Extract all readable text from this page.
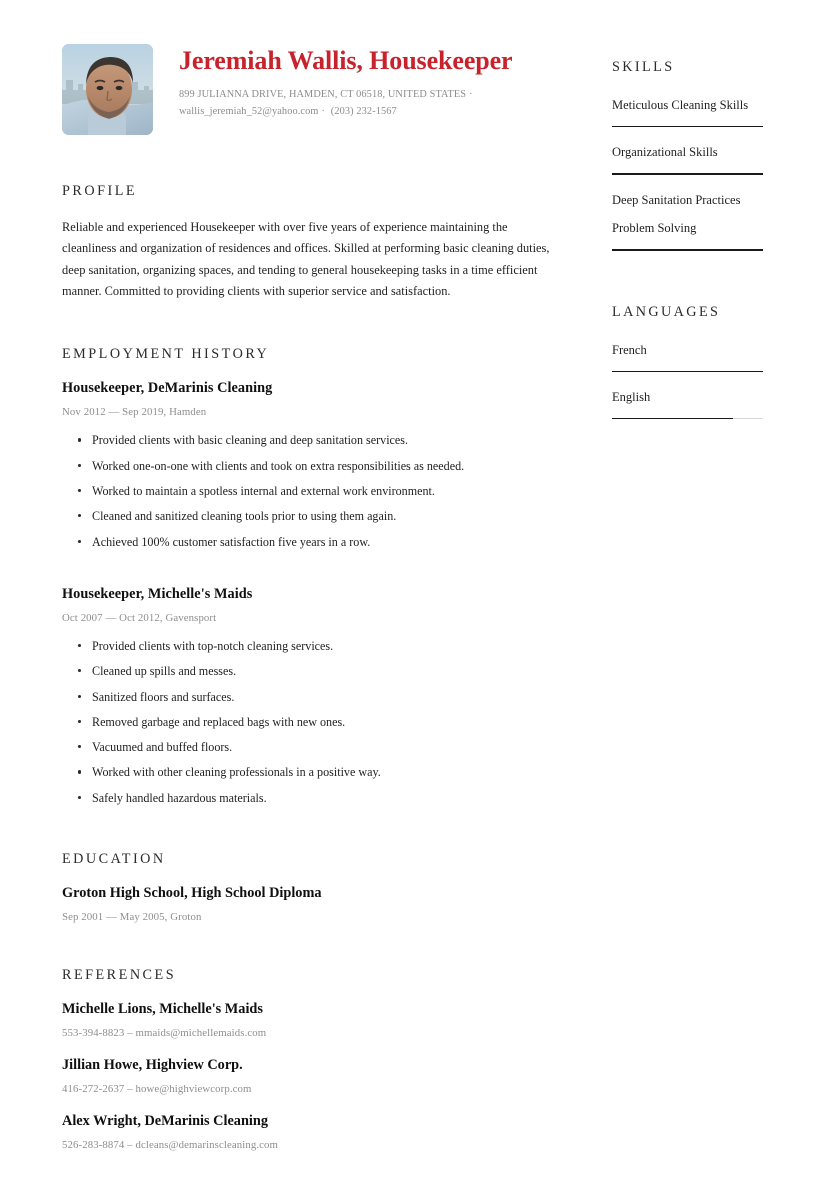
Jeremiah Wallis, Housekeeper
899 JULIANNA DRIVE, HAMDEN, CT 06518, UNITED STATES ·
wallis_jeremiah_52@yahoo.com · (203) 232-1567
PROFILE
Reliable and experienced Housekeeper with over five years of experience maintaining the cleanliness and organization of residences and offices. Skilled at performing basic cleaning duties, deep sanitation, organizing spaces, and tending to general housekeeping tasks in a time efficient manner. Committed to providing clients with superior service and satisfaction.
EMPLOYMENT HISTORY
Housekeeper, DeMarinis Cleaning
Nov 2012 — Sep 2019, Hamden
Provided clients with basic cleaning and deep sanitation services.
Worked one-on-one with clients and took on extra responsibilities as needed.
Worked to maintain a spotless internal and external work environment.
Cleaned and sanitized cleaning tools prior to using them again.
Achieved 100% customer satisfaction five years in a row.
Housekeeper, Michelle's Maids
Oct 2007 — Oct 2012, Gavensport
Provided clients with top-notch cleaning services.
Cleaned up spills and messes.
Sanitized floors and surfaces.
Removed garbage and replaced bags with new ones.
Vacuumed and buffed floors.
Worked with other cleaning professionals in a positive way.
Safely handled hazardous materials.
EDUCATION
Groton High School, High School Diploma
Sep 2001 — May 2005, Groton
REFERENCES
Michelle Lions, Michelle's Maids
553-394-8823 – mmaids@michellemaids.com
Jillian Howe, Highview Corp.
416-272-2637 – howe@highviewcorp.com
Alex Wright, DeMarinis Cleaning
526-283-8874 – dcleans@demarinscleaning.com
SKILLS
Meticulous Cleaning Skills
Organizational Skills
Deep Sanitation Practices
Problem Solving
LANGUAGES
French
English
